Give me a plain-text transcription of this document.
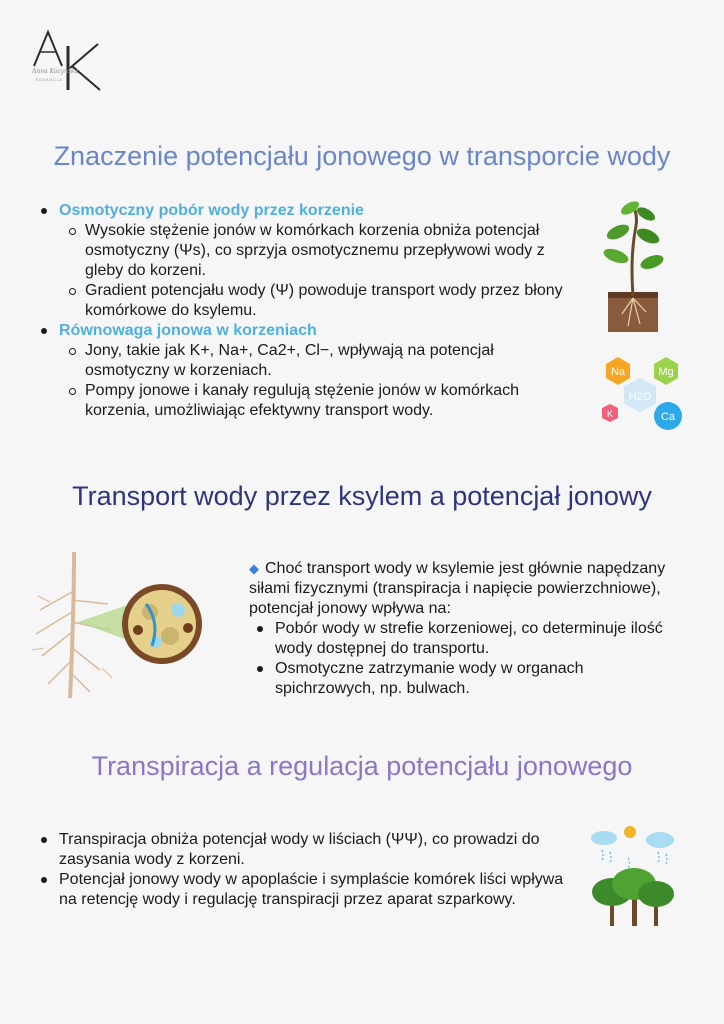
Anna Kozyńska
EDUKACJA
Znaczenie potencjału jonowego w transporcie wody
Osmotyczny pobór wody przez korzenie
Wysokie stężenie jonów w komórkach korzenia obniża potencjał osmotyczny (Ψs), co sprzyja osmotycznemu przepływowi wody z gleby do korzeni.
Gradient potencjału wody (Ψ) powoduje transport wody przez błony komórkowe do ksylemu.
Równowaga jonowa w korzeniach
Jony, takie jak K+, Na+, Ca2+, Cl−, wpływają na potencjał osmotyczny w korzeniach.
Pompy jonowe i kanały regulują stężenie jonów w komórkach korzenia, umożliwiając efektywny transport wody.
Na	Mg
H2O
K	Ca
Transport wody przez ksylem a potencjał jonowy
◆ Choć transport wody w ksylemie jest głównie napędzany siłami fizycznymi (transpiracja i napięcie powierzchniowe), potencjał jonowy wpływa na:
Pobór wody w strefie korzeniowej, co determinuje ilość wody dostępnej do transportu.
Osmotyczne zatrzymanie wody w organach spichrzowych, np. bulwach.
Transpiracja a regulacja potencjału jonowego
Transpiracja obniża potencjał wody w liściach (ΨΨ), co prowadzi do zasysania wody z korzeni.
Potencjał jonowy wody w apoplaście i symplaście komórek liści wpływa na retencję wody i regulację transpiracji przez aparat szparkowy.
